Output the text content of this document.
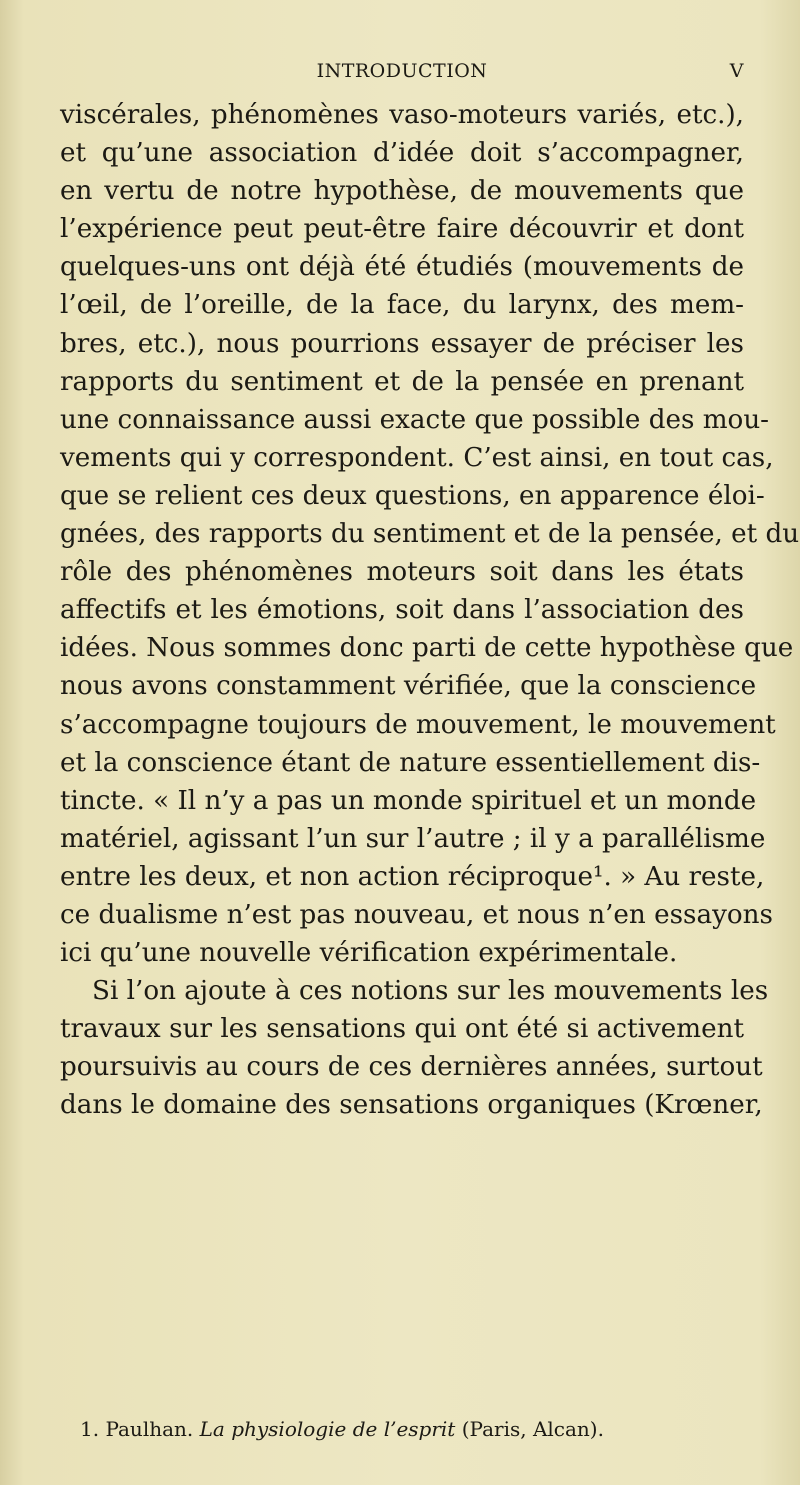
INTRODUCTION	V
viscérales, phénomènes vaso-moteurs variés, etc.),
et qu’une association d’idée doit s’accompagner,
en vertu de notre hypothèse, de mouvements que
l’expérience peut peut-être faire découvrir et dont
quelques-uns ont déjà été étudiés (mouvements de
l’œil, de l’oreille, de la face, du larynx, des mem-
bres, etc.), nous pourrions essayer de préciser les
rapports du sentiment et de la pensée en prenant
une connaissance aussi exacte que possible des mou-
vements qui y correspondent. C’est ainsi, en tout cas,
que se relient ces deux questions, en apparence éloi-
gnées, des rapports du sentiment et de la pensée, et du
rôle des phénomènes moteurs soit dans les états
affectifs et les émotions, soit dans l’association des
idées. Nous sommes donc parti de cette hypothèse que
nous avons constamment vérifiée, que la conscience
s’accompagne toujours de mouvement, le mouvement
et la conscience étant de nature essentiellement dis-
tincte. « Il n’y a pas un monde spirituel et un monde
matériel, agissant l’un sur l’autre ; il y a parallélisme
entre les deux, et non action réciproque¹. » Au reste,
ce dualisme n’est pas nouveau, et nous n’en essayons
ici qu’une nouvelle vérification expérimentale.
Si l’on ajoute à ces notions sur les mouvements les
travaux sur les sensations qui ont été si activement
poursuivis au cours de ces dernières années, surtout
dans le domaine des sensations organiques (Krœner,
1. Paulhan. La physiologie de l’esprit (Paris, Alcan).
